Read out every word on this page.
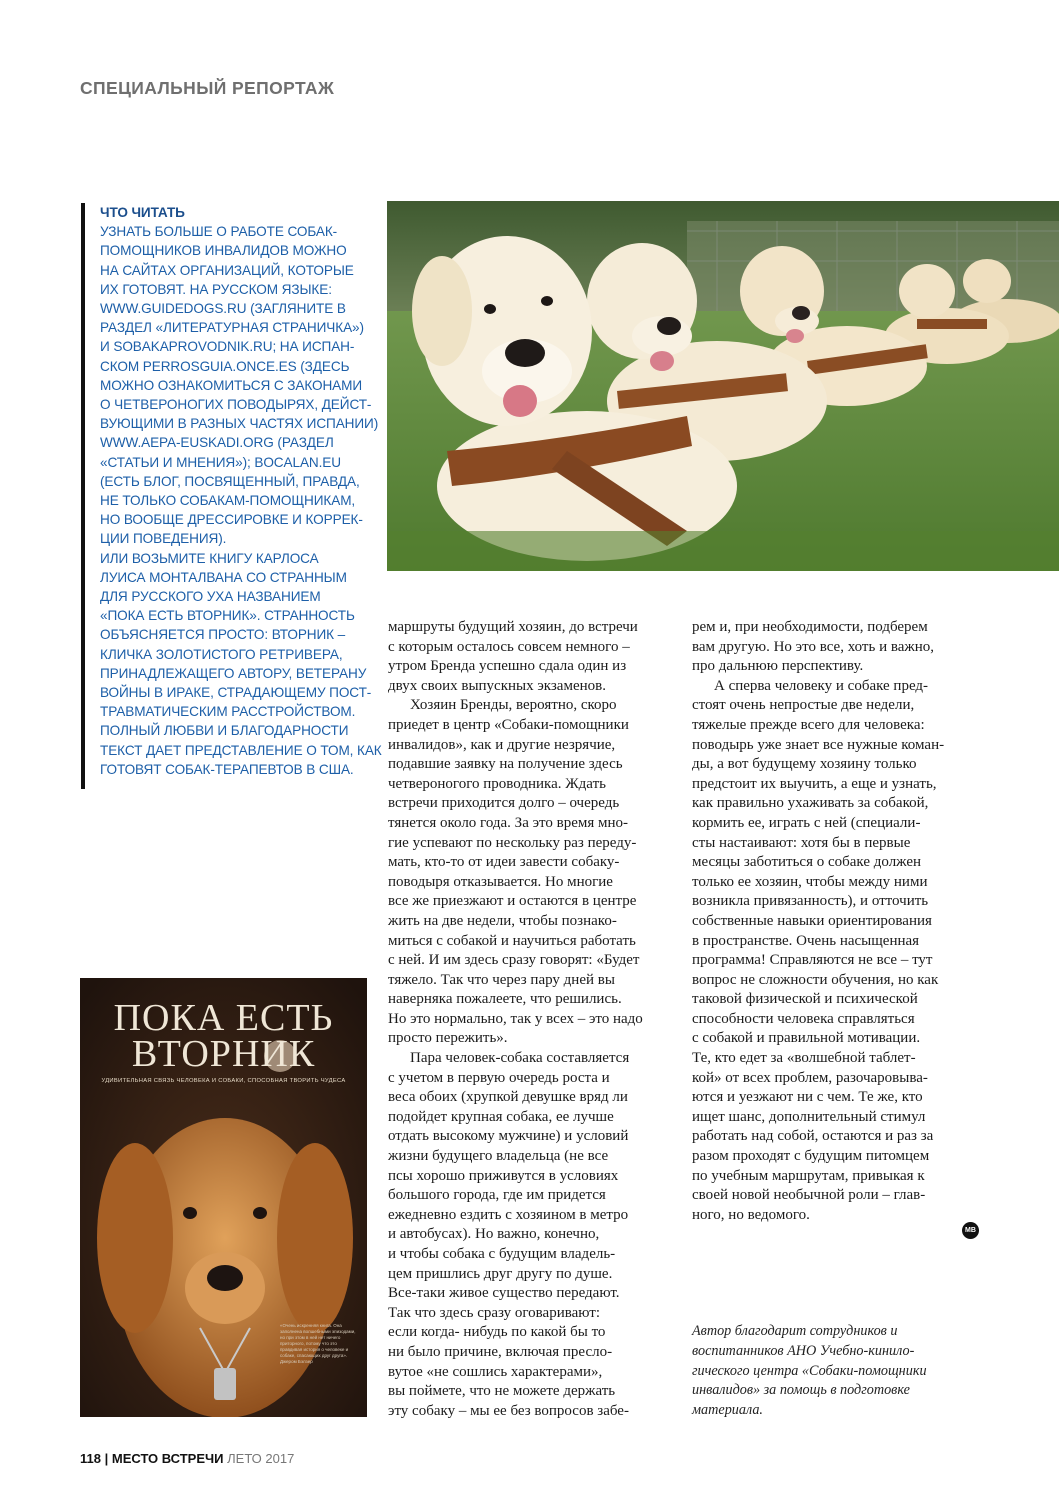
СПЕЦИАЛЬНЫЙ РЕПОРТАЖ
ЧТО ЧИТАТЬ
УЗНАТЬ БОЛЬШЕ О РАБОТЕ СОБАК-
ПОМОЩНИКОВ ИНВАЛИДОВ МОЖНО
НА САЙТАХ ОРГАНИЗАЦИЙ, КОТОРЫЕ
ИХ ГОТОВЯТ. НА РУССКОМ ЯЗЫКЕ:
WWW.GUIDEDOGS.RU (ЗАГЛЯНИТЕ В
РАЗДЕЛ «ЛИТЕРАТУРНАЯ СТРАНИЧКА»)
И SOBAKAPROVODNIK.RU; НА ИСПАН-
СКОМ PERROSGUIA.ONCE.ES (ЗДЕСЬ
МОЖНО ОЗНАКОМИТЬСЯ С ЗАКОНАМИ
О ЧЕТВЕРОНОГИХ ПОВОДЫРЯХ, ДЕЙСТ-
ВУЮЩИМИ В РАЗНЫХ ЧАСТЯХ ИСПАНИИ)
WWW.AEPA-EUSKADI.ORG (РАЗДЕЛ
«СТАТЬИ И МНЕНИЯ»); BOCALAN.EU
(ЕСТЬ БЛОГ, ПОСВЯЩЕННЫЙ, ПРАВДА,
НЕ ТОЛЬКО СОБАКАМ-ПОМОЩНИКАМ,
НО ВООБЩЕ ДРЕССИРОВКЕ И КОРРЕК-
ЦИИ ПОВЕДЕНИЯ).
ИЛИ ВОЗЬМИТЕ КНИГУ КАРЛОСА
ЛУИСА МОНТАЛВАНА СО СТРАННЫМ
ДЛЯ РУССКОГО УХА НАЗВАНИЕМ
«ПОКА ЕСТЬ ВТОРНИК». СТРАННОСТЬ
ОБЪЯСНЯЕТСЯ ПРОСТО: ВТОРНИК –
КЛИЧКА ЗОЛОТИСТОГО РЕТРИВЕРА,
ПРИНАДЛЕЖАЩЕГО АВТОРУ, ВЕТЕРАНУ
ВОЙНЫ В ИРАКЕ, СТРАДАЮЩЕМУ ПОСТ-
ТРАВМАТИЧЕСКИМ РАССТРОЙСТВОМ.
ПОЛНЫЙ ЛЮБВИ И БЛАГОДАРНОСТИ
ТЕКСТ ДАЕТ ПРЕДСТАВЛЕНИЕ О ТОМ, КАК
ГОТОВЯТ СОБАК-ТЕРАПЕВТОВ В США.
ПОКА ЕСТЬ
ВТОРНИК
УДИВИТЕЛЬНАЯ СВЯЗЬ ЧЕЛОВЕКА И СОБАКИ, СПОСОБНАЯ ТВОРИТЬ ЧУДЕСА
«Очень искренняя книга. Она заполнена волшебными эпизодами, но при этом в ней нет ничего приторного, потому что это правдивая история о человеке и собаке, спасающих друг друга». Джером Бэлзер
маршруты будущий хозяин, до встречи
с которым осталось совсем немного –
утром Бренда успешно сдала один из
двух своих выпускных экзаменов.
Хозяин Бренды, вероятно, скоро
приедет в центр «Собаки-помощники
инвалидов», как и другие незрячие,
подавшие заявку на получение здесь
четвероногого проводника. Ждать
встречи приходится долго – очередь
тянется около года. За это время мно-
гие успевают по нескольку раз переду-
мать, кто-то от идеи завести собаку-
поводыря отказывается. Но многие
все же приезжают и остаются в центре
жить на две недели, чтобы познако-
миться с собакой и научиться работать
с ней. И им здесь сразу говорят: «Будет
тяжело. Так что через пару дней вы
наверняка пожалеете, что решились.
Но это нормально, так у всех – это надо
просто пережить».
Пара человек-собака составляется
с учетом в первую очередь роста и
веса обоих (хрупкой девушке вряд ли
подойдет крупная собака, ее лучше
отдать высокому мужчине) и условий
жизни будущего владельца (не все
псы хорошо приживутся в условиях
большого города, где им придется
ежедневно ездить с хозяином в метро
и автобусах). Но важно, конечно,
и чтобы собака с будущим владель-
цем пришлись друг другу по душе.
Все-таки живое существо передают.
Так что здесь сразу оговаривают:
если когда- нибудь по какой бы то
ни было причине, включая пресло-
вутое «не сошлись характерами»,
вы поймете, что не можете держать
эту собаку – мы ее без вопросов забе-
рем и, при необходимости, подберем
вам другую. Но это все, хоть и важно,
про дальнюю перспективу.
А сперва человеку и собаке пред-
стоят очень непростые две недели,
тяжелые прежде всего для человека:
поводырь уже знает все нужные коман-
ды, а вот будущему хозяину только
предстоит их выучить, а еще и узнать,
как правильно ухаживать за собакой,
кормить ее, играть с ней (специали-
сты настаивают: хотя бы в первые
месяцы заботиться о собаке должен
только ее хозяин, чтобы между ними
возникла привязанность), и отточить
собственные навыки ориентирования
в пространстве. Очень насыщенная
программа! Справляются не все – тут
вопрос не сложности обучения, но как
таковой физической и психической
способности человека справляться
с собакой и правильной мотивации.
Те, кто едет за «волшебной таблет-
кой» от всех проблем, разочаровыва-
ются и уезжают ни с чем. Те же, кто
ищет шанс, дополнительный стимул
работать над собой, остаются и раз за
разом проходят с будущим питомцем
по учебным маршрутам, привыкая к
своей новой необычной роли – глав-
ного, но ведомого.
МВ
Автор благодарит сотрудников и
воспитанников АНО Учебно-кинило-
гического центра «Собаки-помощники
инвалидов» за помощь в подготовке
материала.
118 | МЕСТО ВСТРЕЧИ ЛЕТО 2017
